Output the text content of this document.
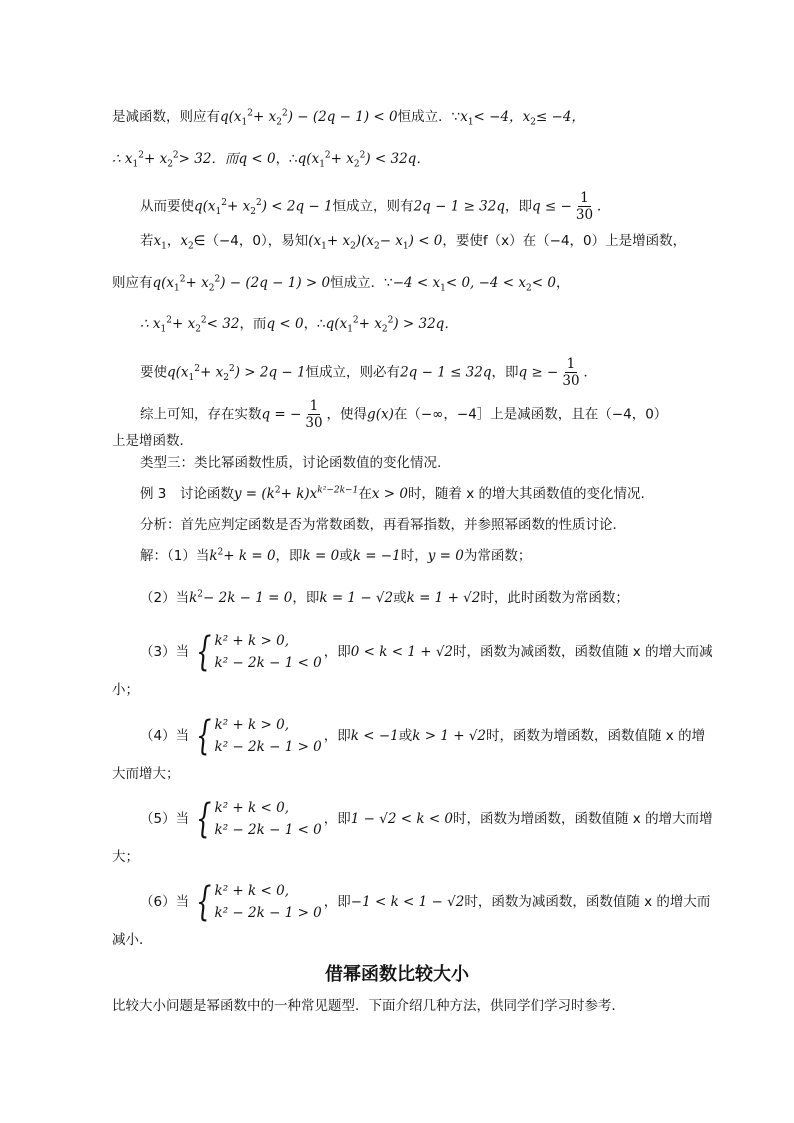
是减函数，则应有$q(x_1^2+ x_2^2) - (2q - 1) < 0$恒成立．$\because x_1< -4$，$x_2\le -4$，
∴ $x_1^2+ x_2^2> 32$．而q < 0，$\therefore q(x_1^2+ x_2^2) < 32q$．
从而要使$q(x_1^2+ x_2^2) < 2q - 1$恒成立，则有2q − 1 ≥ 32q，即q ≤ − $\frac{1}{30}$ ．
若$x_1$，$x_2\in(-4$，0），易知$(x_1+ x_2)(x_2- x_1) < 0$，要使f（x）在（−4，0）上是增函数，
则应有$q(x_1^2+ x_2^2) - (2q - 1) > 0$恒成立．∵−4 < $x_1< 0$, $-4 < x_2< 0$，
∴ $x_1^2+ x_2^2< 32$，而q < 0，$\therefore q(x_1^2+ x_2^2) > 32q$．
要使$q(x_1^2+ x_2^2) > 2q - 1$恒成立，则必有2q − 1 ≤ 32q，即q ≥ − $\frac{1}{30}$ ．
综上可知，存在实数q = − $\frac{1}{30}$ ，使得g(x)在（−∞，−4］上是减函数，且在（−4，0）
上是增函数．
类型三：类比幂函数性质，讨论函数值的变化情况.
例 3　讨论函数$y = (k^2+ k)x^{k^2-2k-1}$在x > 0时，随着 x 的增大其函数值的变化情况.
分析：首先应判定函数是否为常数函数，再看幂指数，并参照幂函数的性质讨论．
解：（1）当$k^2+ k = 0$，即k = 0或k = −1时，y = 0为常函数；
（2）当$k^2- 2k - 1 = 0$，即k = 1 − √2或k = 1 + √2时，此时函数为常函数；
（3）当 { k² + k > 0,
k² − 2k − 1 < 0
，即0 < k < 1 + √2时，函数为减函数，函数值随 x 的增大而减
小；
（4）当 { k² + k > 0,
k² − 2k − 1 > 0
，即k < −1或k > 1 + √2时，函数为增函数，函数值随 x 的增
大而增大；
（5）当 { k² + k < 0,
k² − 2k − 1 < 0
，即1 − √2 < k < 0时，函数为增函数，函数值随 x 的增大而增
大；
（6）当 { k² + k < 0,
k² − 2k − 1 > 0
，即−1 < k < 1 − √2时，函数为减函数，函数值随 x 的增大而
减小．
借幂函数比较大小
比较大小问题是幂函数中的一种常见题型．下面介绍几种方法，供同学们学习时参考．
